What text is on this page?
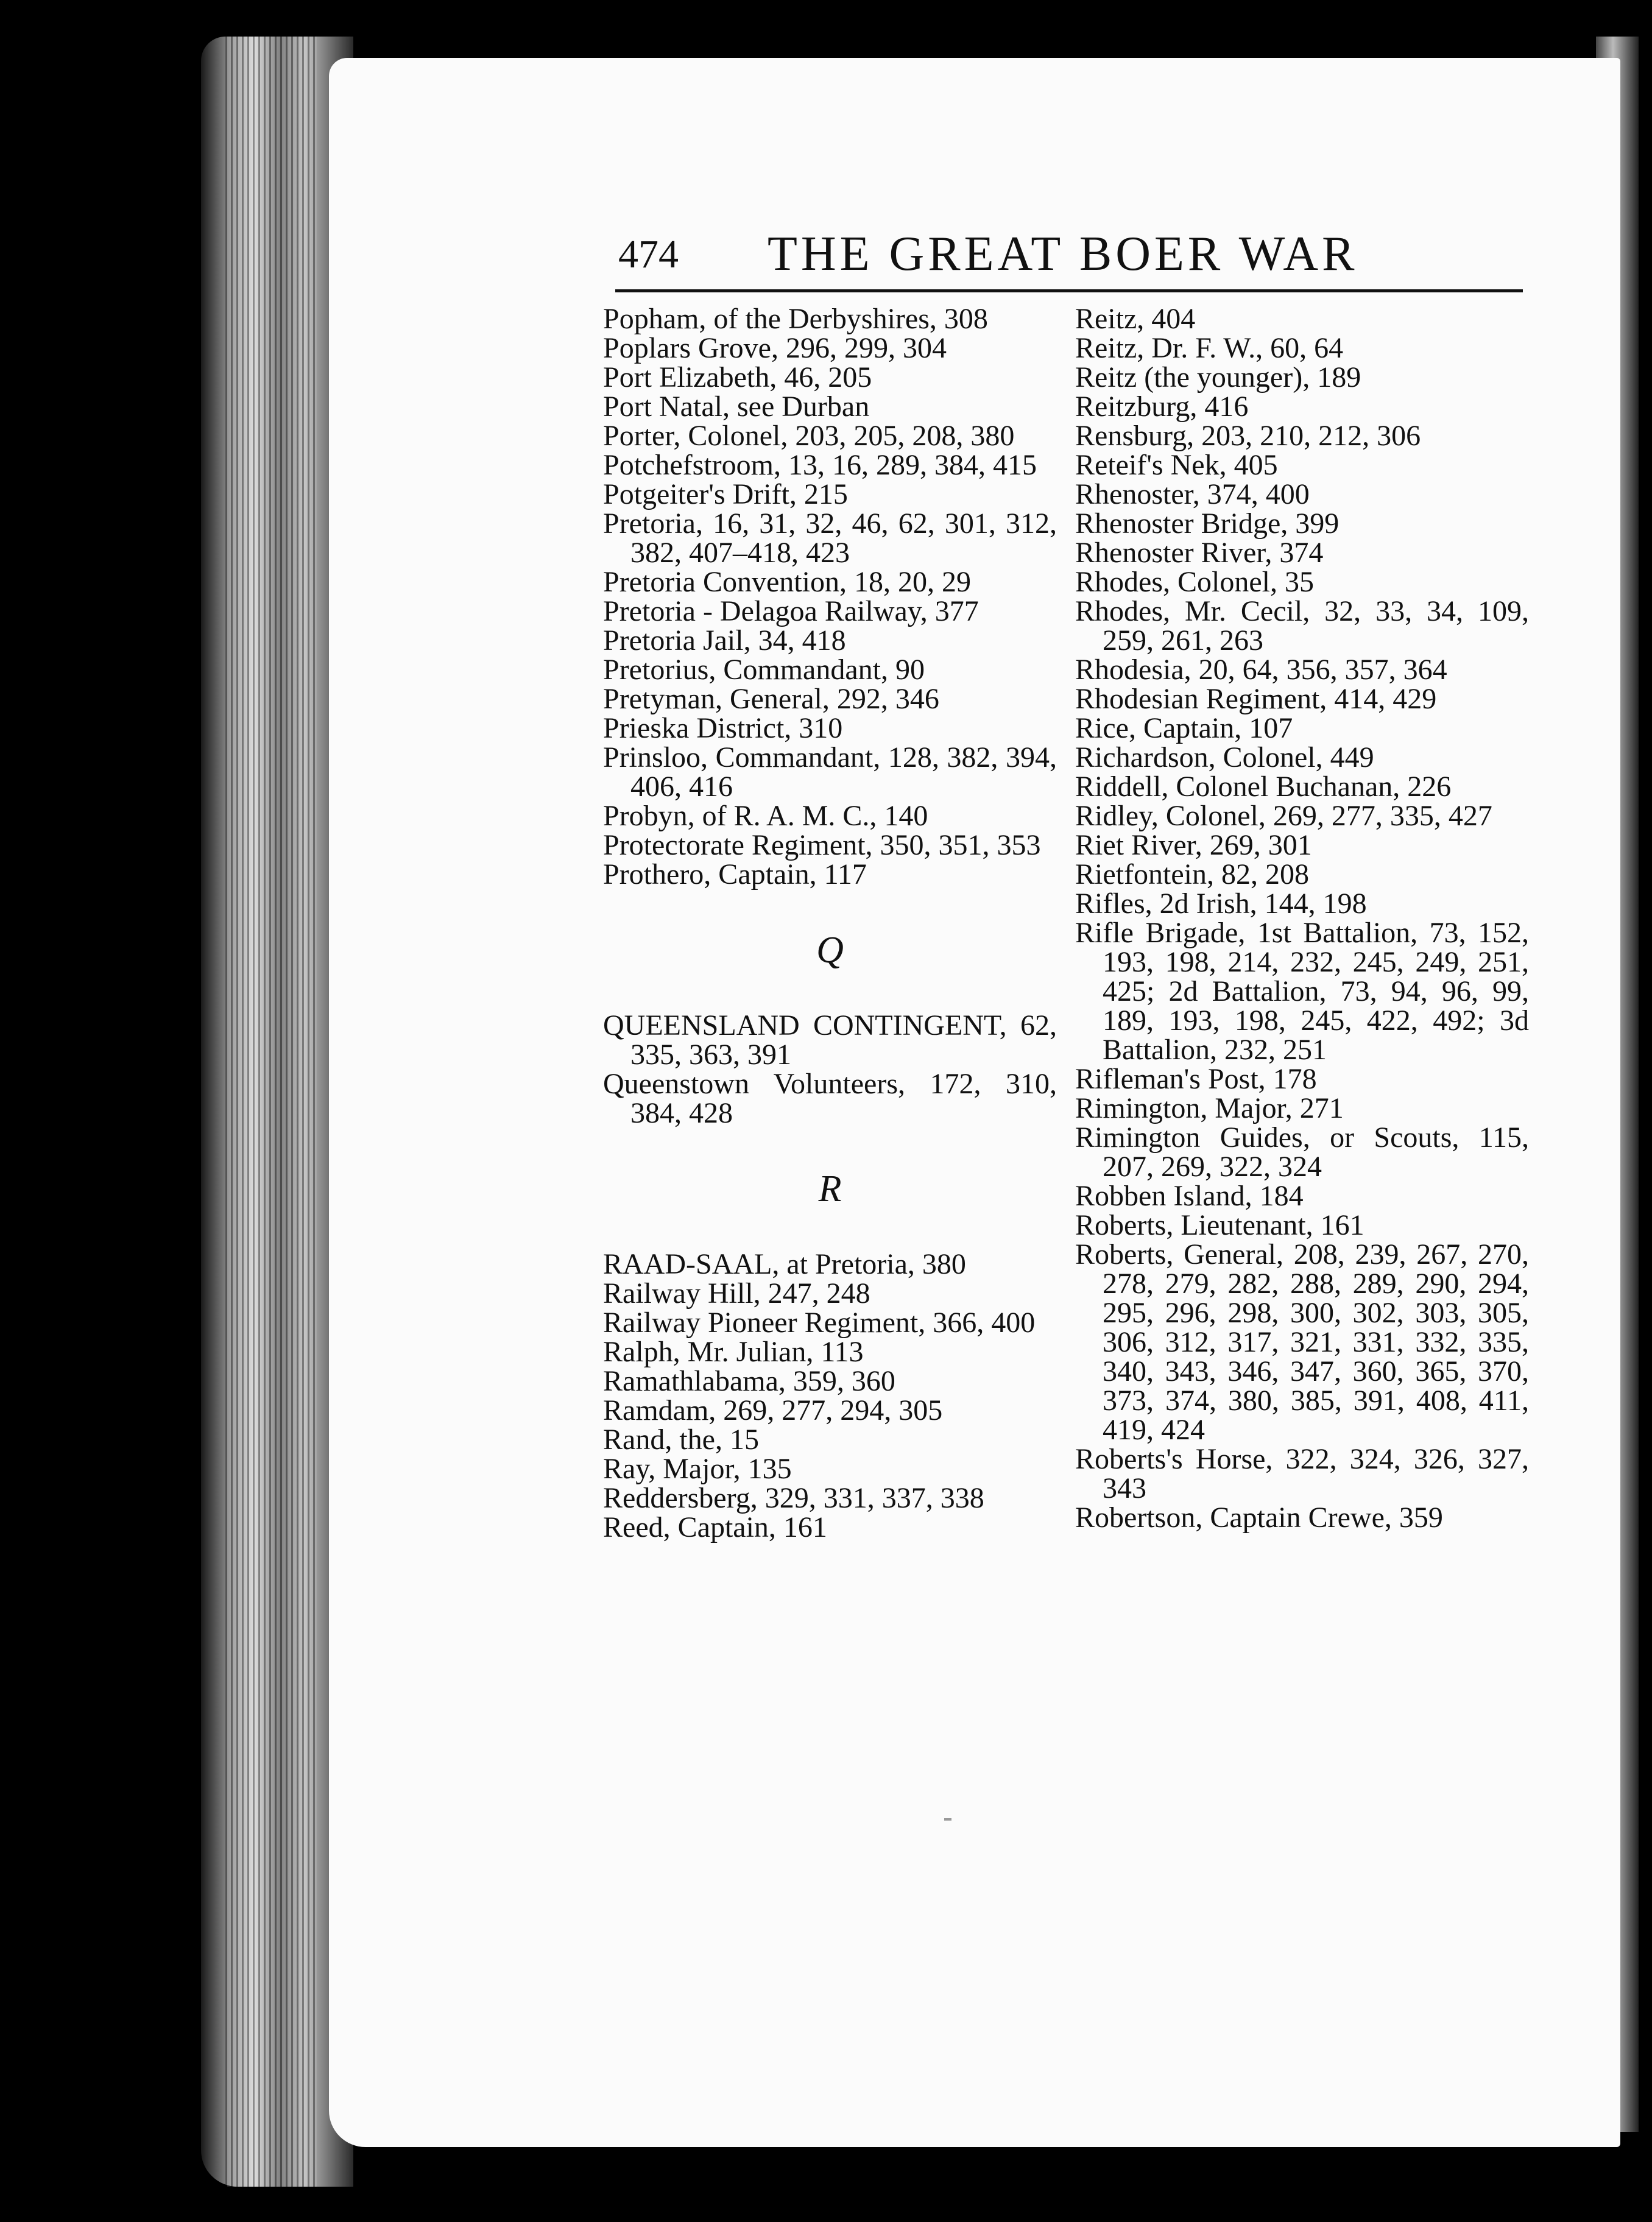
474 THE GREAT BOER WAR

Popham, of the Derbyshires, 308

Poplars Grove, 296, 299, 304

Port Elizabeth, 46, 205

Port Natal, see Durban

Porter, Colonel, 203, 205, 208, 380

Potchefstroom, 13, 16, 289, 384, 415

Potgeiter's Drift, 215

Pretoria, 16, 31, 32, 46, 62, 301, 312, 382, 407–418, 423

Pretoria Convention, 18, 20, 29

Pretoria - Delagoa Railway, 377

Pretoria Jail, 34, 418

Pretorius, Commandant, 90

Pretyman, General, 292, 346

Prieska District, 310

Prinsloo, Commandant, 128, 382, 394, 406, 416

Probyn, of R. A. M. C., 140

Protectorate Regiment, 350, 351, 353

Prothero, Captain, 117

Q

QUEENSLAND CONTINGENT, 62, 335, 363, 391

Queenstown Volunteers, 172, 310, 384, 428

R

RAAD-SAAL, at Pretoria, 380

Railway Hill, 247, 248

Railway Pioneer Regiment, 366, 400

Ralph, Mr. Julian, 113

Ramathlabama, 359, 360

Ramdam, 269, 277, 294, 305

Rand, the, 15

Ray, Major, 135

Reddersberg, 329, 331, 337, 338

Reed, Captain, 161

Reitz, 404

Reitz, Dr. F. W., 60, 64

Reitz (the younger), 189

Reitzburg, 416

Rensburg, 203, 210, 212, 306

Reteif's Nek, 405

Rhenoster, 374, 400

Rhenoster Bridge, 399

Rhenoster River, 374

Rhodes, Colonel, 35

Rhodes, Mr. Cecil, 32, 33, 34, 109, 259, 261, 263

Rhodesia, 20, 64, 356, 357, 364

Rhodesian Regiment, 414, 429

Rice, Captain, 107

Richardson, Colonel, 449

Riddell, Colonel Buchanan, 226

Ridley, Colonel, 269, 277, 335, 427

Riet River, 269, 301

Rietfontein, 82, 208

Rifles, 2d Irish, 144, 198

Rifle Brigade, 1st Battalion, 73, 152, 193, 198, 214, 232, 245, 249, 251, 425; 2d Battalion, 73, 94, 96, 99, 189, 193, 198, 245, 422, 492; 3d Battalion, 232, 251

Rifleman's Post, 178

Rimington, Major, 271

Rimington Guides, or Scouts, 115, 207, 269, 322, 324

Robben Island, 184

Roberts, Lieutenant, 161

Roberts, General, 208, 239, 267, 270, 278, 279, 282, 288, 289, 290, 294, 295, 296, 298, 300, 302, 303, 305, 306, 312, 317, 321, 331, 332, 335, 340, 343, 346, 347, 360, 365, 370, 373, 374, 380, 385, 391, 408, 411, 419, 424

Roberts's Horse, 322, 324, 326, 327, 343

Robertson, Captain Crewe, 359
